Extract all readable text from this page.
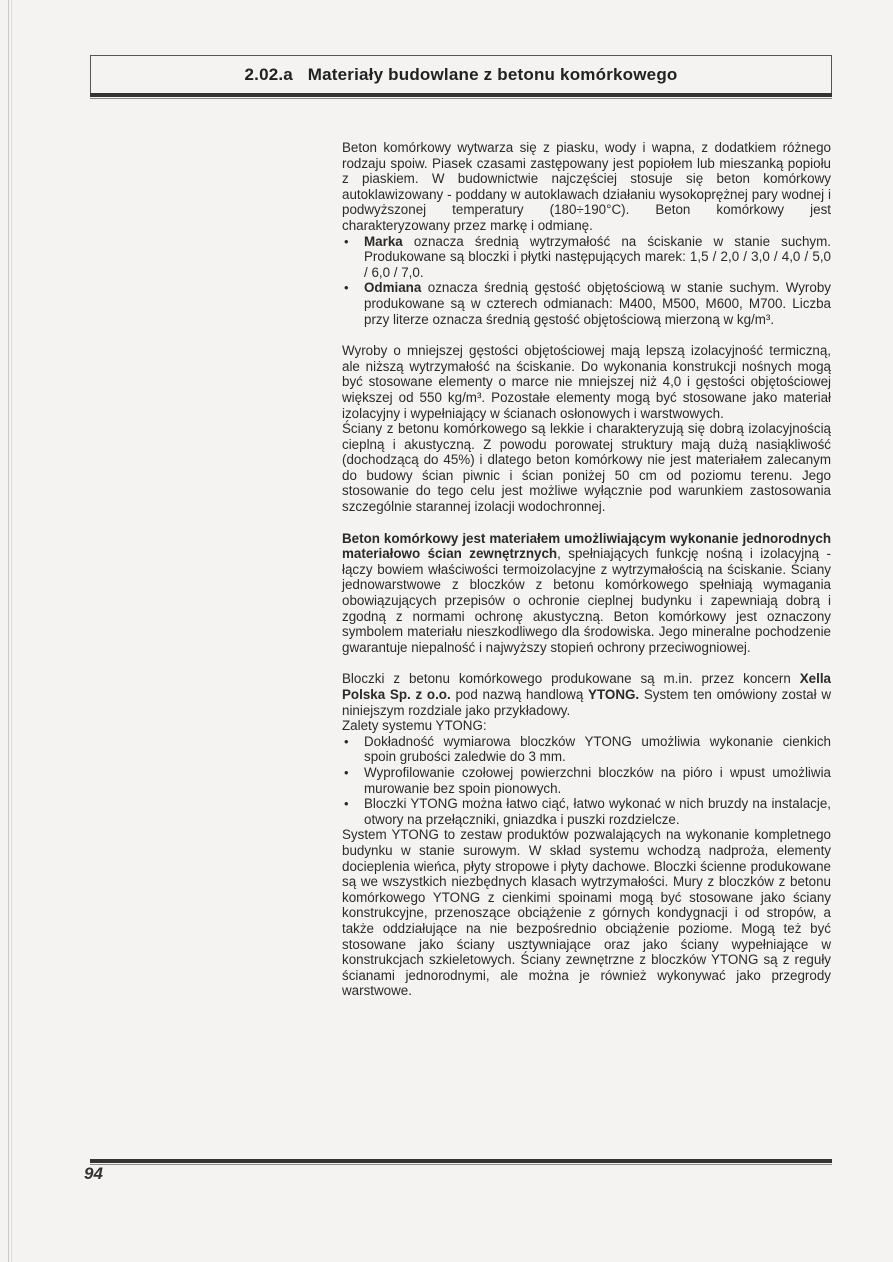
2.02.a   Materiały budowlane z betonu komórkowego

Beton komórkowy wytwarza się z piasku, wody i wapna, z dodatkiem różnego rodzaju spoiw. Piasek czasami zastępowany jest popiołem lub mieszanką popiołu z piaskiem. W budownictwie najczęściej stosuje się beton komórkowy autoklawizowany - poddany w autoklawach działaniu wysokoprężnej pary wodnej i podwyższonej temperatury (180÷190°C). Beton komórkowy jest charakteryzowany przez markę i odmianę.

• Marka oznacza średnią wytrzymałość na ściskanie w stanie suchym. Produkowane są bloczki i płytki następujących marek: 1,5 / 2,0 / 3,0 / 4,0 / 5,0 / 6,0 / 7,0.
• Odmiana oznacza średnią gęstość objętościową w stanie suchym. Wyroby produkowane są w czterech odmianach: M400, M500, M600, M700. Liczba przy literze oznacza średnią gęstość objętościową mierzoną w kg/m³.

Wyroby o mniejszej gęstości objętościowej mają lepszą izolacyjność termiczną, ale niższą wytrzymałość na ściskanie. Do wykonania konstrukcji nośnych mogą być stosowane elementy o marce nie mniejszej niż 4,0 i gęstości objętościowej większej od 550 kg/m³. Pozostałe elementy mogą być stosowane jako materiał izolacyjny i wypełniający w ścianach osłonowych i warstwowych.

Ściany z betonu komórkowego są lekkie i charakteryzują się dobrą izolacyjnością cieplną i akustyczną. Z powodu porowatej struktury mają dużą nasiąkliwość (dochodzącą do 45%) i dlatego beton komórkowy nie jest materiałem zalecanym do budowy ścian piwnic i ścian poniżej 50 cm od poziomu terenu. Jego stosowanie do tego celu jest możliwe wyłącznie pod warunkiem zastosowania szczególnie starannej izolacji wodochronnej.

Beton komórkowy jest materiałem umożliwiającym wykonanie jednorodnych materiałowo ścian zewnętrznych, spełniających funkcję nośną i izolacyjną - łączy bowiem właściwości termoizolacyjne z wytrzymałością na ściskanie. Ściany jednowarstwowe z bloczków z betonu komórkowego spełniają wymagania obowiązujących przepisów o ochronie cieplnej budynku i zapewniają dobrą i zgodną z normami ochronę akustyczną. Beton komórkowy jest oznaczony symbolem materiału nieszkodliwego dla środowiska. Jego mineralne pochodzenie gwarantuje niepalność i najwyższy stopień ochrony przeciwogniowej.

Bloczki z betonu komórkowego produkowane są m.in. przez koncern Xella Polska Sp. z o.o. pod nazwą handlową YTONG. System ten omówiony został w niniejszym rozdziale jako przykładowy.

Zalety systemu YTONG:

• Dokładność wymiarowa bloczków YTONG umożliwia wykonanie cienkich spoin grubości zaledwie do 3 mm.
• Wyprofilowanie czołowej powierzchni bloczków na pióro i wpust umożliwia murowanie bez spoin pionowych.
• Bloczki YTONG można łatwo ciąć, łatwo wykonać w nich bruzdy na instalacje, otwory na przełączniki, gniazdka i puszki rozdzielcze.

System YTONG to zestaw produktów pozwalających na wykonanie kompletnego budynku w stanie surowym. W skład systemu wchodzą nadproża, elementy docieplenia wieńca, płyty stropowe i płyty dachowe. Bloczki ścienne produkowane są we wszystkich niezbędnych klasach wytrzymałości. Mury z bloczków z betonu komórkowego YTONG z cienkimi spoinami mogą być stosowane jako ściany konstrukcyjne, przenoszące obciążenie z górnych kondygnacji i od stropów, a także oddziałujące na nie bezpośrednio obciążenie poziome. Mogą też być stosowane jako ściany usztywniające oraz jako ściany wypełniające w konstrukcjach szkieletowych. Ściany zewnętrzne z bloczków YTONG są z reguły ścianami jednorodnymi, ale można je również wykonywać jako przegrody warstwowe.

94
